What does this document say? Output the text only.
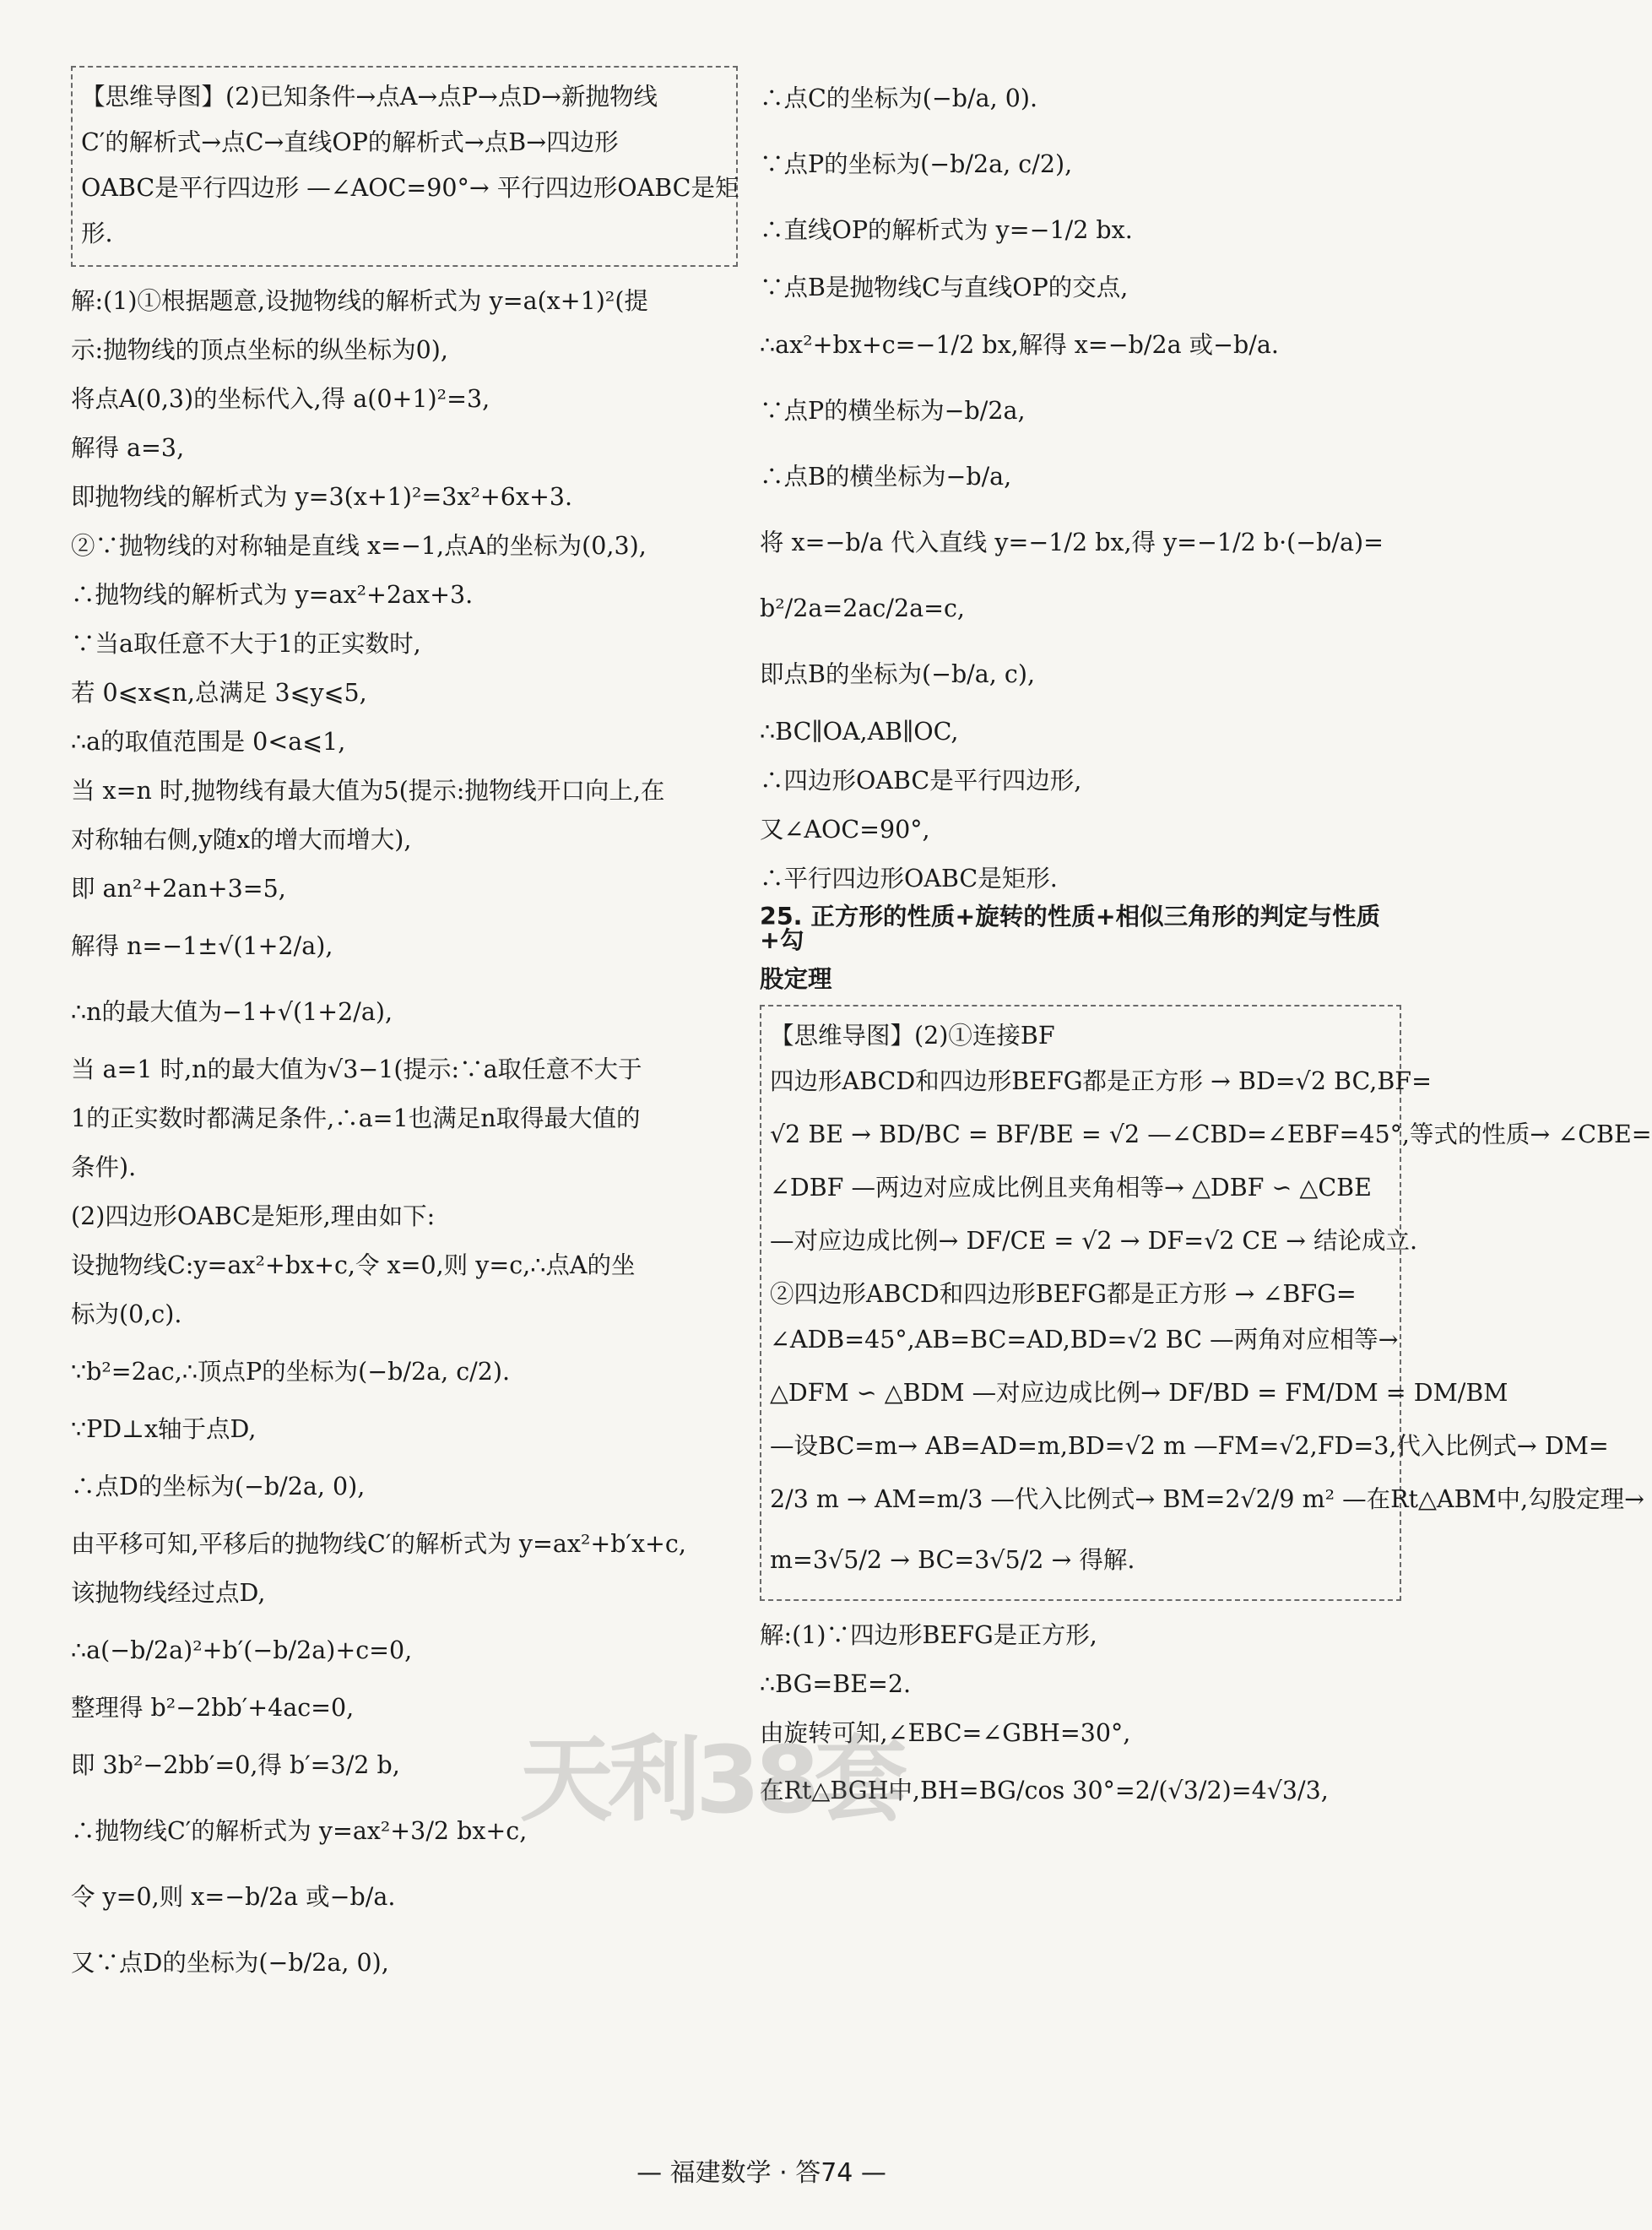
【思维导图】(2)已知条件→点A→点P→点D→新抛物线
C′的解析式→点C→直线OP的解析式→点B→四边形
OABC是平行四边形 —∠AOC=90°→ 平行四边形OABC是矩
形.
解:(1)①根据题意,设抛物线的解析式为 y=a(x+1)²(提
示:抛物线的顶点坐标的纵坐标为0),
将点A(0,3)的坐标代入,得 a(0+1)²=3,
解得 a=3,
即抛物线的解析式为 y=3(x+1)²=3x²+6x+3.
②∵抛物线的对称轴是直线 x=−1,点A的坐标为(0,3),
∴抛物线的解析式为 y=ax²+2ax+3.
∵当a取任意不大于1的正实数时,
若 0⩽x⩽n,总满足 3⩽y⩽5,
∴a的取值范围是 0<a⩽1,
当 x=n 时,抛物线有最大值为5(提示:抛物线开口向上,在
对称轴右侧,y随x的增大而增大),
即 an²+2an+3=5,
解得 n=−1±√(1+2/a),
∴n的最大值为−1+√(1+2/a),
当 a=1 时,n的最大值为√3−1(提示:∵a取任意不大于
1的正实数时都满足条件,∴a=1也满足n取得最大值的
条件).
(2)四边形OABC是矩形,理由如下:
设抛物线C:y=ax²+bx+c,令 x=0,则 y=c,∴点A的坐
标为(0,c).
∵b²=2ac,∴顶点P的坐标为(−b/2a, c/2).
∵PD⊥x轴于点D,
∴点D的坐标为(−b/2a, 0),
由平移可知,平移后的抛物线C′的解析式为 y=ax²+b′x+c,
该抛物线经过点D,
∴a(−b/2a)²+b′(−b/2a)+c=0,
整理得 b²−2bb′+4ac=0,
即 3b²−2bb′=0,得 b′=3/2 b,
∴抛物线C′的解析式为 y=ax²+3/2 bx+c,
令 y=0,则 x=−b/2a 或−b/a.
又∵点D的坐标为(−b/2a, 0),
∴点C的坐标为(−b/a, 0).
∵点P的坐标为(−b/2a, c/2),
∴直线OP的解析式为 y=−1/2 bx.
∵点B是抛物线C与直线OP的交点,
∴ax²+bx+c=−1/2 bx,解得 x=−b/2a 或−b/a.
∵点P的横坐标为−b/2a,
∴点B的横坐标为−b/a,
将 x=−b/a 代入直线 y=−1/2 bx,得 y=−1/2 b·(−b/a)=
b²/2a=2ac/2a=c,
即点B的坐标为(−b/a, c),
∴BC∥OA,AB∥OC,
∴四边形OABC是平行四边形,
又∠AOC=90°,
∴平行四边形OABC是矩形.
25. 正方形的性质+旋转的性质+相似三角形的判定与性质+勾
股定理
【思维导图】(2)①连接BF
四边形ABCD和四边形BEFG都是正方形 → BD=√2 BC,BF=
√2 BE → BD/BC = BF/BE = √2 —∠CBD=∠EBF=45°,等式的性质→ ∠CBE=
∠DBF —两边对应成比例且夹角相等→ △DBF ∽ △CBE
—对应边成比例→ DF/CE = √2 → DF=√2 CE → 结论成立.
②四边形ABCD和四边形BEFG都是正方形 → ∠BFG=
∠ADB=45°,AB=BC=AD,BD=√2 BC —两角对应相等→
△DFM ∽ △BDM —对应边成比例→ DF/BD = FM/DM = DM/BM
—设BC=m→ AB=AD=m,BD=√2 m —FM=√2,FD=3,代入比例式→ DM=
2/3 m → AM=m/3 —代入比例式→ BM=2√2/9 m² —在Rt△ABM中,勾股定理→
m=3√5/2 → BC=3√5/2 → 得解.
解:(1)∵四边形BEFG是正方形,
∴BG=BE=2.
由旋转可知,∠EBC=∠GBH=30°,
在Rt△BGH中,BH=BG/cos 30°=2/(√3/2)=4√3/3,
天利38套
— 福建数学 · 答74 —
